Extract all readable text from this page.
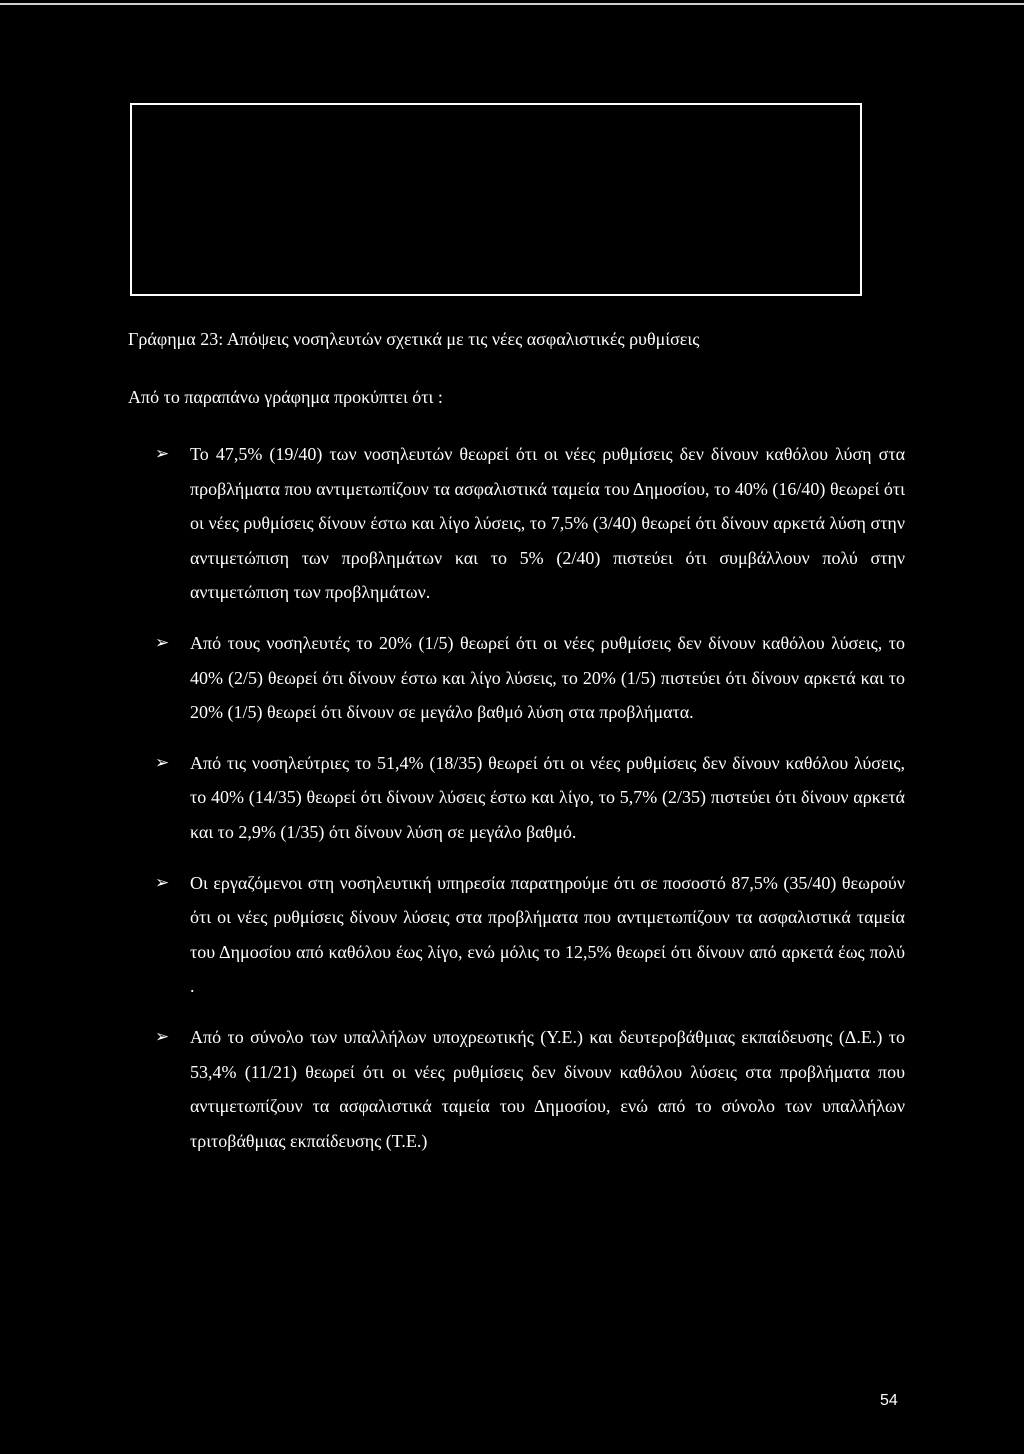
Γράφημα 23: Απόψεις νοσηλευτών σχετικά με τις νέες ασφαλιστικές ρυθμίσεις
Από το παραπάνω γράφημα προκύπτει ότι :
➢ Το 47,5% (19/40) των νοσηλευτών θεωρεί ότι οι νέες ρυθμίσεις δεν δίνουν καθόλου λύση στα προβλήματα που αντιμετωπίζουν τα ασφαλιστικά ταμεία του Δημοσίου, το 40% (16/40) θεωρεί ότι οι νέες ρυθμίσεις δίνουν έστω και λίγο λύσεις, το 7,5% (3/40) θεωρεί ότι δίνουν αρκετά λύση στην αντιμετώπιση των προβλημάτων και το 5% (2/40) πιστεύει ότι συμβάλλουν πολύ στην αντιμετώπιση των προβλημάτων.
➢ Από τους νοσηλευτές το 20% (1/5) θεωρεί ότι οι νέες ρυθμίσεις δεν δίνουν καθόλου λύσεις, το 40% (2/5) θεωρεί ότι δίνουν έστω και λίγο λύσεις, το 20% (1/5) πιστεύει ότι δίνουν αρκετά και το 20% (1/5) θεωρεί ότι δίνουν σε μεγάλο βαθμό λύση στα προβλήματα.
➢ Από τις νοσηλεύτριες το 51,4% (18/35) θεωρεί ότι οι νέες ρυθμίσεις δεν δίνουν καθόλου λύσεις, το 40% (14/35) θεωρεί ότι δίνουν λύσεις έστω και λίγο, το 5,7% (2/35) πιστεύει ότι δίνουν αρκετά και το 2,9% (1/35) ότι δίνουν λύση σε μεγάλο βαθμό.
➢ Οι εργαζόμενοι στη νοσηλευτική υπηρεσία παρατηρούμε ότι σε ποσοστό 87,5% (35/40) θεωρούν ότι οι νέες ρυθμίσεις δίνουν λύσεις στα προβλήματα που αντιμετωπίζουν τα ασφαλιστικά ταμεία του Δημοσίου από καθόλου έως λίγο, ενώ μόλις το 12,5% θεωρεί ότι δίνουν από αρκετά έως πολύ .
➢ Από το σύνολο των υπαλλήλων υποχρεωτικής (Υ.Ε.) και δευτεροβάθμιας εκπαίδευσης (Δ.Ε.) το 53,4% (11/21) θεωρεί ότι οι νέες ρυθμίσεις δεν δίνουν καθόλου λύσεις στα προβλήματα που αντιμετωπίζουν τα ασφαλιστικά ταμεία του Δημοσίου, ενώ από το σύνολο των υπαλλήλων τριτοβάθμιας εκπαίδευσης (Τ.Ε.)
54
